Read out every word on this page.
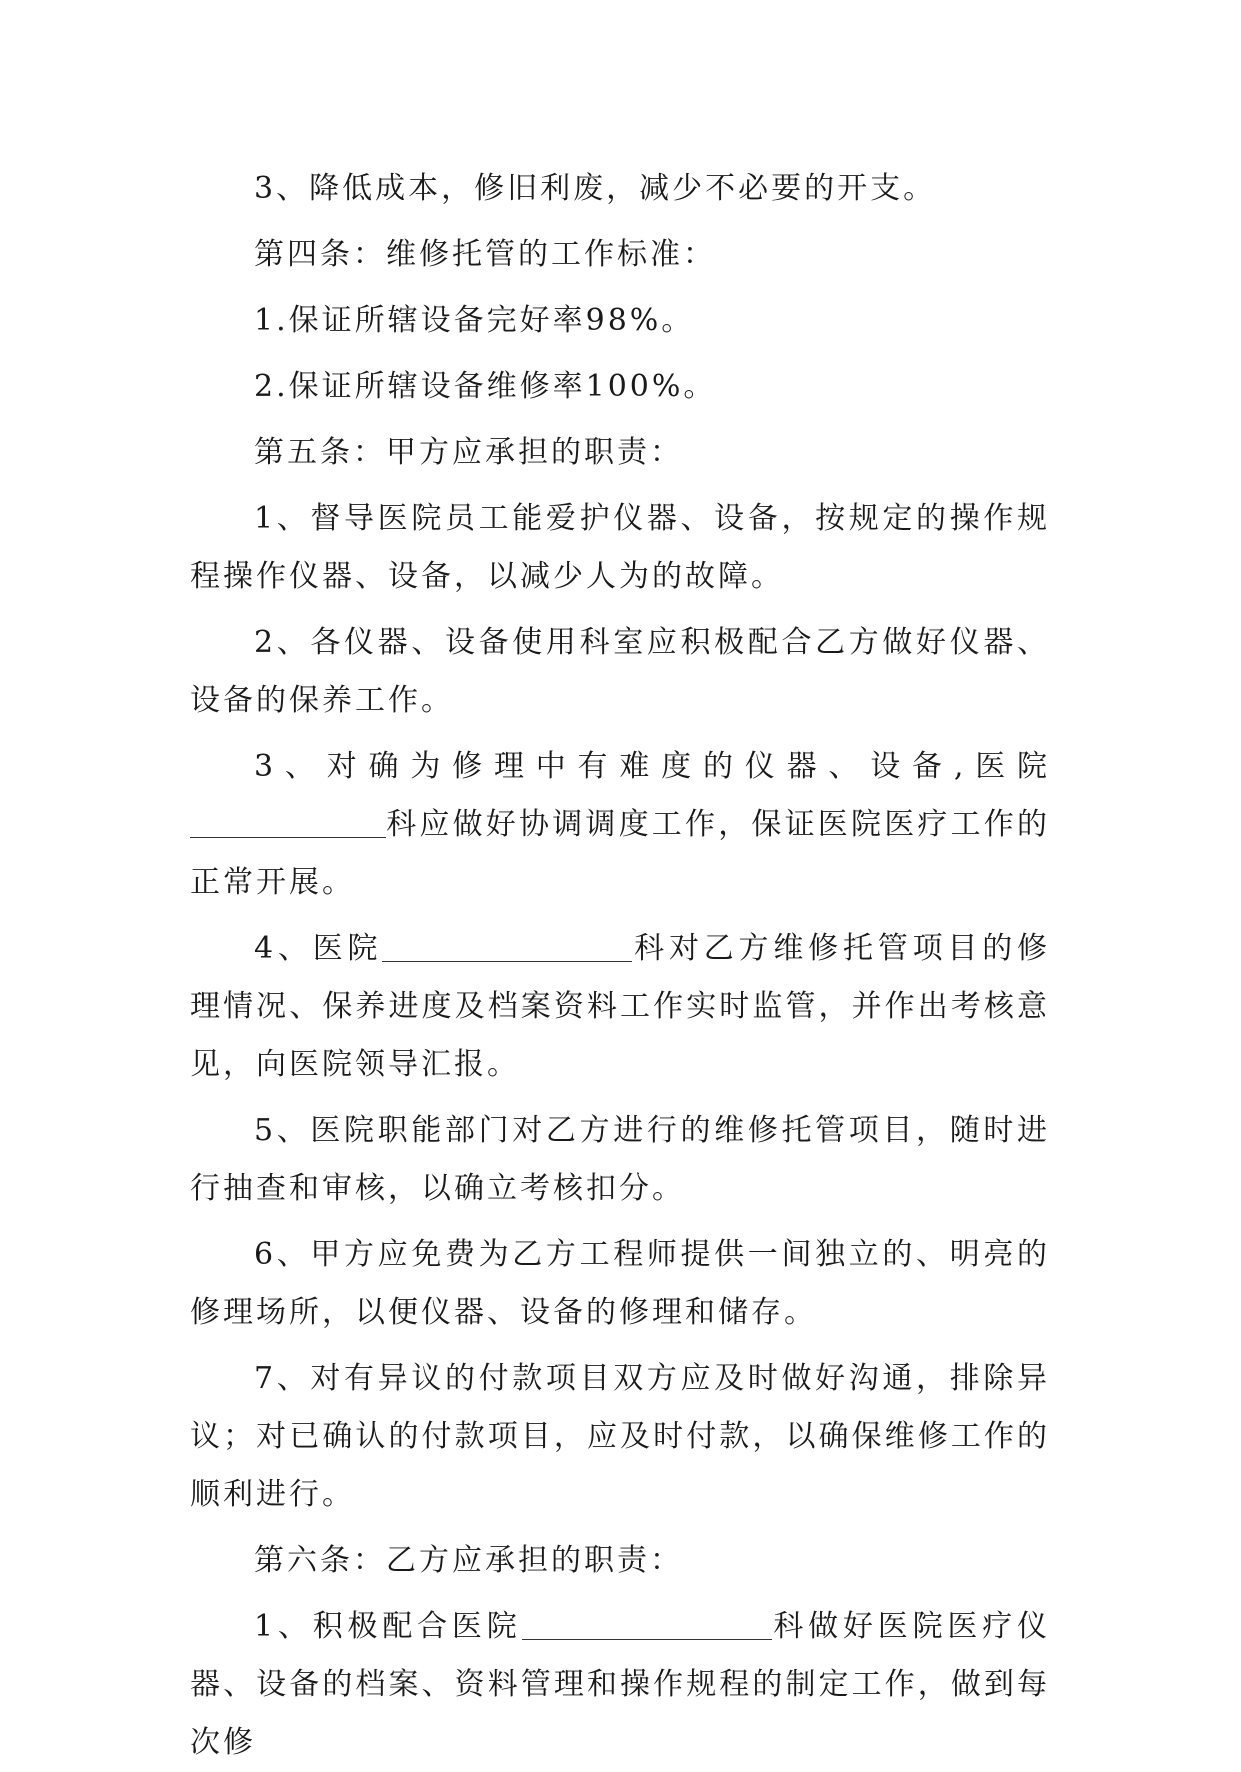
3、降低成本，修旧利废，减少不必要的开支。

第四条：维修托管的工作标准：

1.保证所辖设备完好率98%。

2.保证所辖设备维修率100%。

第五条：甲方应承担的职责：

1、督导医院员工能爱护仪器、设备，按规定的操作规程操作仪器、设备，以减少人为的故障。

2、各仪器、设备使用科室应积极配合乙方做好仪器、设备的保养工作。

3、对确为修理中有难度的仪器、设备,医院科应做好协调调度工作，保证医院医疗工作的正常开展。

4、医院	科对乙方维修托管项目的修理情况、保养进度及档案资料工作实时监管，并作出考核意见，向医院领导汇报。

5、医院职能部门对乙方进行的维修托管项目，随时进行抽查和审核，以确立考核扣分。

6、甲方应免费为乙方工程师提供一间独立的、明亮的修理场所，以便仪器、设备的修理和储存。

7、对有异议的付款项目双方应及时做好沟通，排除异议；对已确认的付款项目，应及时付款，以确保维修工作的顺利进行。

第六条：乙方应承担的职责：

1、积极配合医院	科做好医院医疗仪器、设备的档案、资料管理和操作规程的制定工作，做到每次修
